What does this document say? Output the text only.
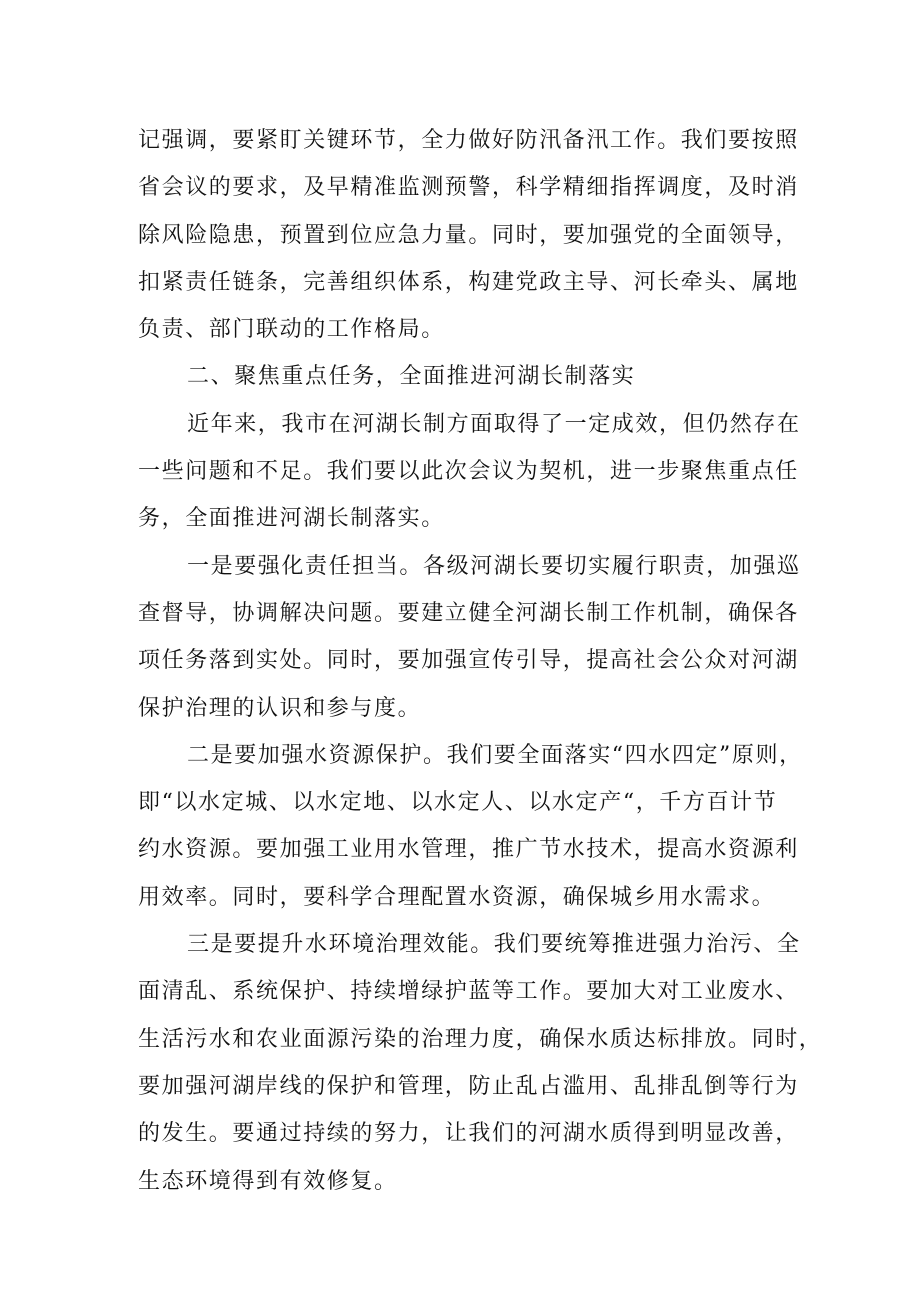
记强调，要紧盯关键环节，全力做好防汛备汛工作。我们要按照
省会议的要求，及早精准监测预警，科学精细指挥调度，及时消
除风险隐患，预置到位应急力量。同时，要加强党的全面领导，
扣紧责任链条，完善组织体系，构建党政主导、河长牵头、属地
负责、部门联动的工作格局。
二、聚焦重点任务，全面推进河湖长制落实
近年来，我市在河湖长制方面取得了一定成效，但仍然存在
一些问题和不足。我们要以此次会议为契机，进一步聚焦重点任
务，全面推进河湖长制落实。
一是要强化责任担当。各级河湖长要切实履行职责，加强巡
查督导，协调解决问题。要建立健全河湖长制工作机制，确保各
项任务落到实处。同时，要加强宣传引导，提高社会公众对河湖
保护治理的认识和参与度。
二是要加强水资源保护。我们要全面落实“四水四定”原则，
即“以水定城、以水定地、以水定人、以水定产“，千方百计节
约水资源。要加强工业用水管理，推广节水技术，提高水资源利
用效率。同时，要科学合理配置水资源，确保城乡用水需求。
三是要提升水环境治理效能。我们要统筹推进强力治污、全
面清乱、系统保护、持续增绿护蓝等工作。要加大对工业废水、
生活污水和农业面源污染的治理力度，确保水质达标排放。同时，
要加强河湖岸线的保护和管理，防止乱占滥用、乱排乱倒等行为
的发生。要通过持续的努力，让我们的河湖水质得到明显改善，
生态环境得到有效修复。
